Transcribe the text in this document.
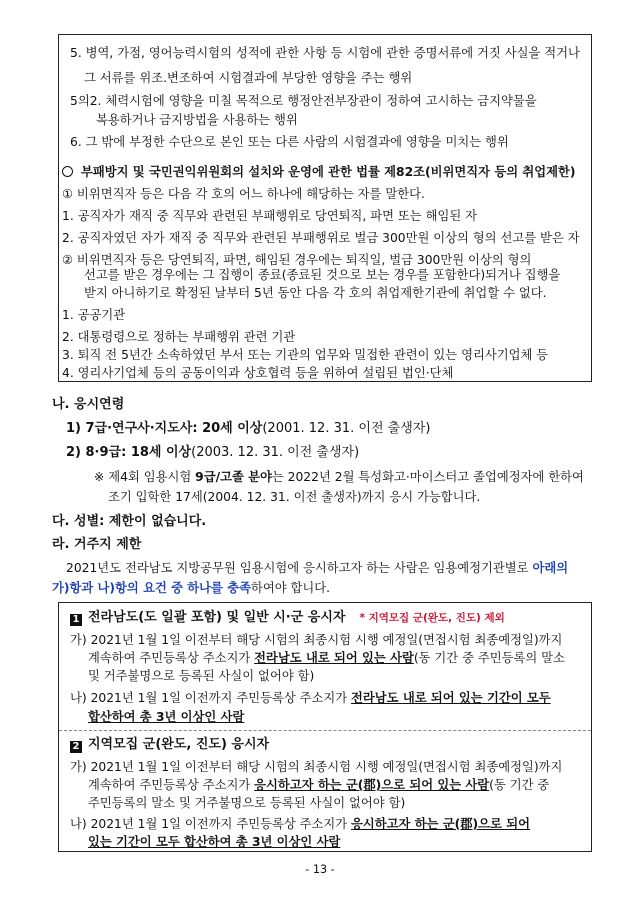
5. 병역, 가점, 영어능력시험의 성적에 관한 사항 등 시험에 관한 증명서류에 거짓 사실을 적거나
그 서류를 위조.변조하여 시험결과에 부당한 영향을 주는 행위
5의2. 체력시험에 영향을 미칠 목적으로 행정안전부장관이 정하여 고시하는 금지약물을
복용하거나 금지방법을 사용하는 행위
6. 그 밖에 부정한 수단으로 본인 또는 다른 사람의 시험결과에 영향을 미치는 행위
부패방지 및 국민권익위원회의 설치와 운영에 관한 법률 제82조(비위면직자 등의 취업제한)
① 비위면직자 등은 다음 각 호의 어느 하나에 해당하는 자를 말한다.
1. 공직자가 재직 중 직무와 관련된 부패행위로 당연퇴직, 파면 또는 해임된 자
2. 공직자였던 자가 재직 중 직무와 관련된 부패행위로 벌금 300만원 이상의 형의 선고를 받은 자
② 비위면직자 등은 당연퇴직, 파면, 해임된 경우에는 퇴직일, 벌금 300만원 이상의 형의
선고를 받은 경우에는 그 집행이 종료(종료된 것으로 보는 경우를 포함한다)되거나 집행을
받지 아니하기로 확정된 날부터 5년 동안 다음 각 호의 취업제한기관에 취업할 수 없다.
1. 공공기관
2. 대통령령으로 정하는 부패행위 관련 기관
3. 퇴직 전 5년간 소속하였던 부서 또는 기관의 업무와 밀접한 관련이 있는 영리사기업체 등
4. 영리사기업체 등의 공동이익과 상호협력 등을 위하여 설립된 법인·단체
나. 응시연령
1) 7급·연구사·지도사: 20세 이상(2001. 12. 31. 이전 출생자)
2) 8·9급: 18세 이상(2003. 12. 31. 이전 출생자)
※ 제4회 임용시험 9급/고졸 분야는 2022년 2월 특성화고·마이스터고 졸업예정자에 한하여
조기 입학한 17세(2004. 12. 31. 이전 출생자)까지 응시 가능합니다.
다. 성별: 제한이 없습니다.
라. 거주지 제한
2021년도 전라남도 지방공무원 임용시험에 응시하고자 하는 사람은 임용예정기관별로 아래의
가)항과 나)항의 요건 중 하나를 충족하여야 합니다.
1 전라남도(도 일괄 포함) 및 일반 시·군 응시자 * 지역모집 군(완도, 진도) 제외
가) 2021년 1월 1일 이전부터 해당 시험의 최종시험 시행 예정일(면접시험 최종예정일)까지
계속하여 주민등록상 주소지가 전라남도 내로 되어 있는 사람(동 기간 중 주민등록의 말소
및 거주불명으로 등록된 사실이 없어야 함)
나) 2021년 1월 1일 이전까지 주민등록상 주소지가 전라남도 내로 되어 있는 기간이 모두
합산하여 총 3년 이상인 사람
2 지역모집 군(완도, 진도) 응시자
가) 2021년 1월 1일 이전부터 해당 시험의 최종시험 시행 예정일(면접시험 최종예정일)까지
계속하여 주민등록상 주소지가 응시하고자 하는 군(郡)으로 되어 있는 사람(동 기간 중
주민등록의 말소 및 거주불명으로 등록된 사실이 없어야 함)
나) 2021년 1월 1일 이전까지 주민등록상 주소지가 응시하고자 하는 군(郡)으로 되어
있는 기간이 모두 합산하여 총 3년 이상인 사람
- 13 -
